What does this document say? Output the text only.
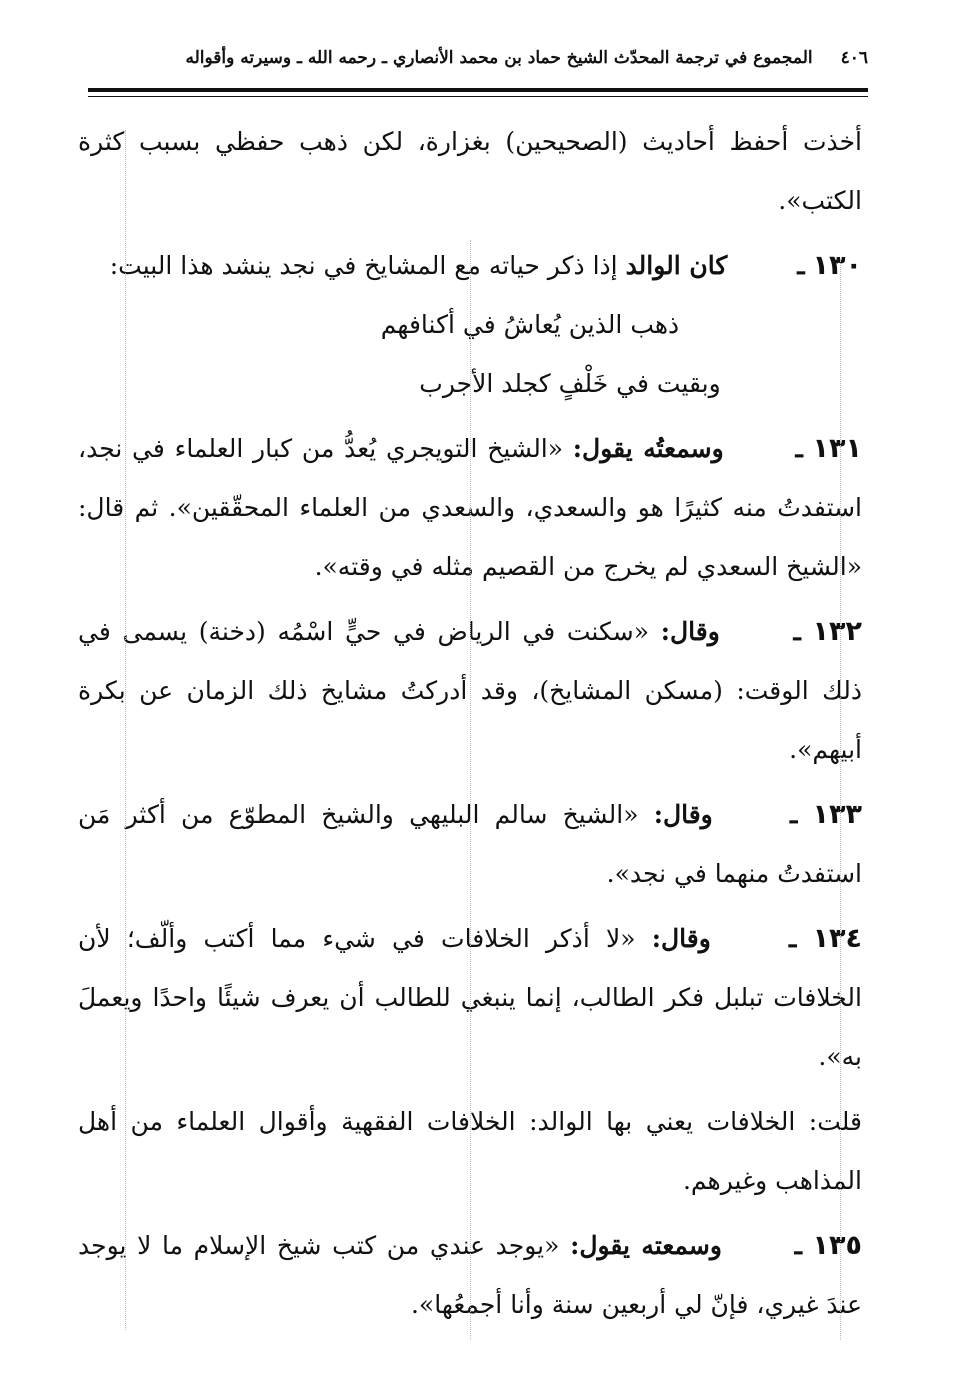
٤٠٦
المجموع في ترجمة المحدّث الشيخ حماد بن محمد الأنصاري ـ رحمه الله ـ وسيرته وأقواله

أخذت أحفظ أحاديث (الصحيحين) بغزارة، لكن ذهب حفظي بسبب كثرة الكتب».

١٣٠ ـ كان الوالد إذا ذكر حياته مع المشايخ في نجد ينشد هذا البيت:

ذهب الذين يُعاشُ في أكنافهم

وبقيت في خَلْفٍ كجلد الأجرب

١٣١ ـ وسمعتُه يقول: «الشيخ التويجري يُعدُّ من كبار العلماء في نجد، استفدتُ منه كثيرًا هو والسعدي، والسعدي من العلماء المحقّقين». ثم قال: «الشيخ السعدي لم يخرج من القصيم مثله في وقته».

١٣٢ ـ وقال: «سكنت في الرياض في حيٍّ اسْمُه (دخنة) يسمى في ذلك الوقت: (مسكن المشايخ)، وقد أدركتُ مشايخ ذلك الزمان عن بكرة أبيهم».

١٣٣ ـ وقال: «الشيخ سالم البليهي والشيخ المطوّع من أكثر مَن استفدتُ منهما في نجد».

١٣٤ ـ وقال: «لا أذكر الخلافات في شيء مما أكتب وألّف؛ لأن الخلافات تبلبل فكر الطالب، إنما ينبغي للطالب أن يعرف شيئًا واحدًا ويعملَ به».

قلت: الخلافات يعني بها الوالد: الخلافات الفقهية وأقوال العلماء من أهل المذاهب وغيرهم.

١٣٥ ـ وسمعته يقول: «يوجد عندي من كتب شيخ الإسلام ما لا يوجد عندَ غيري، فإنّ لي أربعين سنة وأنا أجمعُها».
